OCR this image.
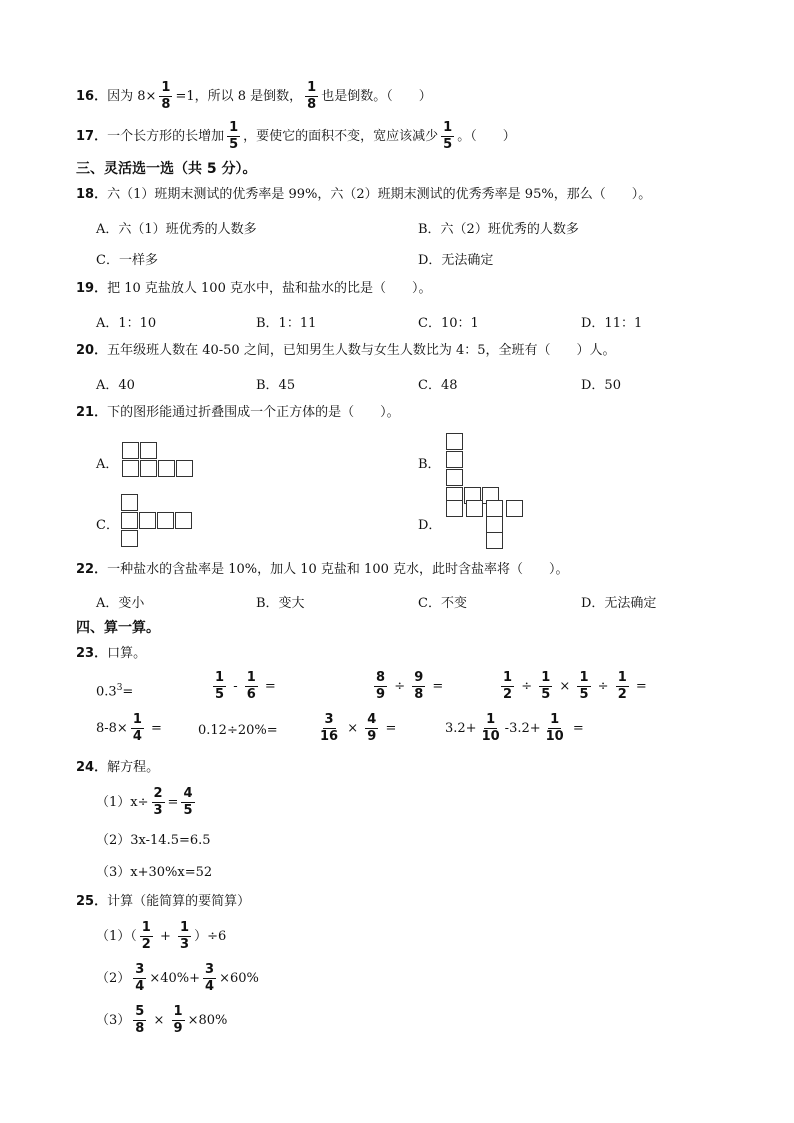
16．因为 $8\times \frac{1}{8} =1$，所以 8 是倒数， $\frac{1}{8}$ 也是倒数。（　　）
17．一个长方形的长增加 $\frac{1}{5}$ ，要使它的面积不变，宽应该减少 $\frac{1}{5}$ 。（　　）
三、灵活选一选（共 5 分）。
18．六（1）班期末测试的优秀率是 99%，六（2）班期末测试的优秀秀率是 95%，那么（　　）。
A．六（1）班优秀的人数多	B．六（2）班优秀的人数多
C．一样多	D．无法确定
19．把 10 克盐放人 100 克水中，盐和盐水的比是（　　）。
A．1：10	B．1：11	C．10：1	D．11：1
20．五年级班人数在 40-50 之间，已知男生人数与女生人数比为 4：5，全班有（　　）人。
A．40	B．45	C．48	D．50
21．下的图形能通过折叠围成一个正方体的是（　　）。
A．	B．
C．	D．
22．一种盐水的含盐率是 10%，加人 10 克盐和 100 克水，此时含盐率将（　　）。
A．变小	B．变大	C．不变	D．无法确定
四、算一算。
23．口算。
$0.3^3=$	$\frac{1}{5} - \frac{1}{6}$ =	$\frac{8}{9} \div \frac{9}{8}$ =	$\frac{1}{2} \div \frac{1}{5} \times \frac{1}{5} \div \frac{1}{2}$ =
$8-8\times \frac{1}{4}$ =	0.12÷20%=	$\frac{3}{16} \times \frac{4}{9}$ =	$3.2+ \frac{1}{10} -3.2+ \frac{1}{10}$ =
24．解方程。
$(1)x\div \frac{2}{3} = \frac{4}{5}$
（2）3x-14.5=6.5
（3）x+30%x=52
25．计算（能简算的要简算）
$(1)( \frac{1}{2} + \frac{1}{3} )\div 6$
$(2) \frac{3}{4} \times 40\%+ \frac{3}{4} \times 60\%$
$(3) \frac{5}{8} \times \frac{1}{9} \times 80\%$
